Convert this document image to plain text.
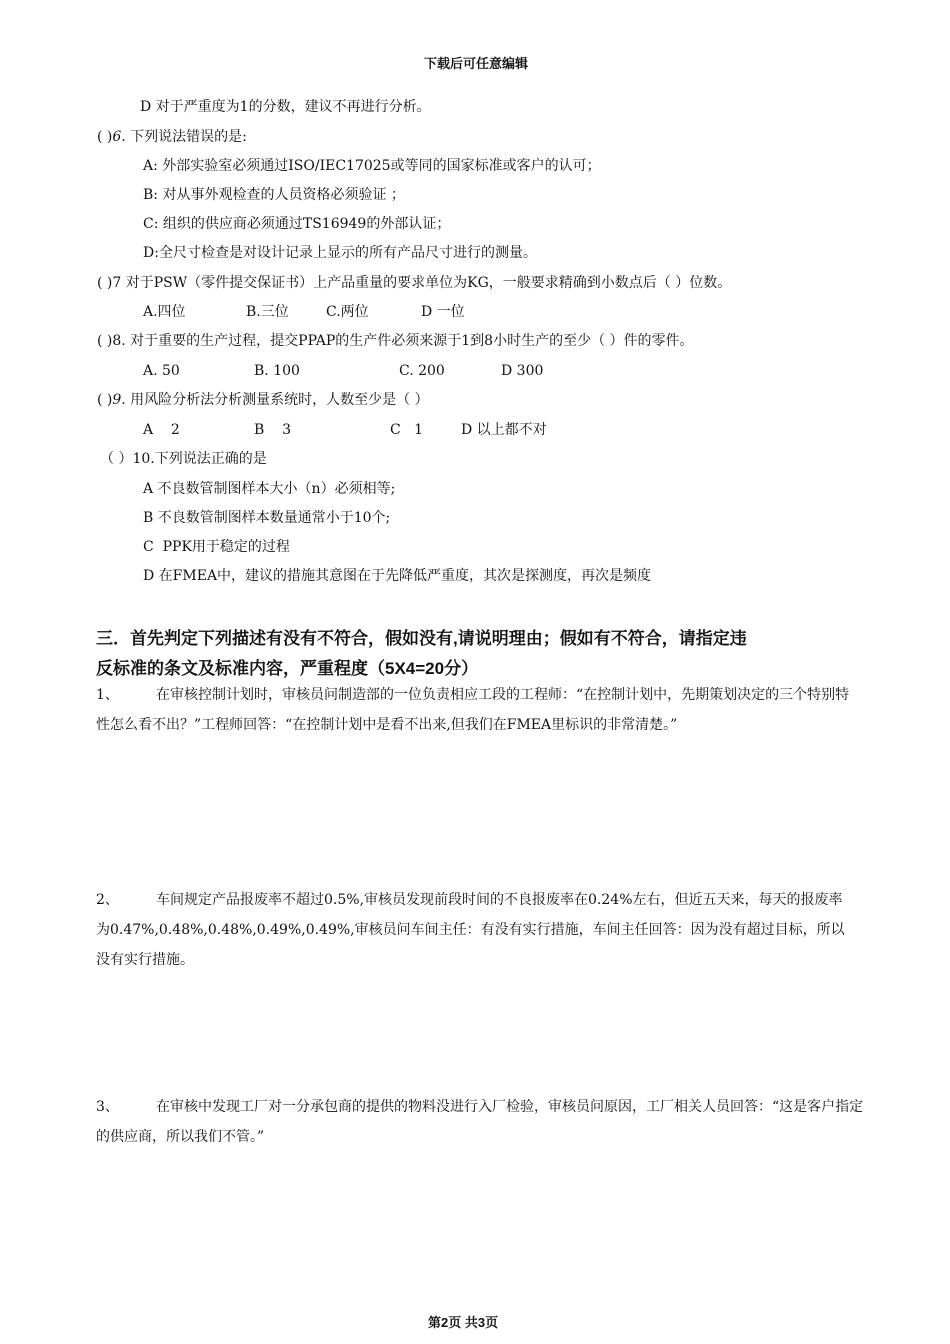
下载后可任意编辑
D 对于严重度为1的分数，建议不再进行分析。
( )6. 下列说法错误的是:
A: 外部实验室必须通过ISO/IEC17025或等同的国家标准或客户的认可；
B: 对从事外观检查的人员资格必须验证 ；
C: 组织的供应商必须通过TS16949的外部认证；
D:全尺寸检查是对设计记录上显示的所有产品尺寸进行的测量。
( )7 对于PSW（零件提交保证书）上产品重量的要求单位为KG，一般要求精确到小数点后（ ）位数。
A.四位	B.三位	C.两位	D 一位
( )8. 对于重要的生产过程，提交PPAP的生产件必须来源于1到8小时生产的至少（ ）件的零件。
A. 50	B. 100	C. 200	D 300
( )9. 用风险分析法分析测量系统时，人数至少是（ ）
A    2	B    3	C   1	D 以上都不对
（ ）10.下列说法正确的是
A 不良数管制图样本大小（n）必须相等;
B 不良数管制图样本数量通常小于10个;
C  PPK用于稳定的过程
D 在FMEA中，建议的措施其意图在于先降低严重度，其次是探测度，再次是频度
三．首先判定下列描述有没有不符合，假如没有,请说明理由；假如有不符合，请指定违
反标准的条文及标准内容，严重程度（5X4=20分）
1、	在审核控制计划时，审核员问制造部的一位负责相应工段的工程师：“在控制计划中，先期策划决定的三个特别特性怎么看不出？”工程师回答：“在控制计划中是看不出来,但我们在FMEA里标识的非常清楚。”
2、	车间规定产品报废率不超过0.5%,审核员发现前段时间的不良报废率在0.24%左右，但近五天来，每天的报废率为0.47%,0.48%,0.48%,0.49%,0.49%,审核员问车间主任：有没有实行措施，车间主任回答：因为没有超过目标，所以没有实行措施。
3、	在审核中发现工厂对一分承包商的提供的物料没进行入厂检验，审核员问原因，工厂相关人员回答：“这是客户指定的供应商，所以我们不管。”
第2页 共3页
